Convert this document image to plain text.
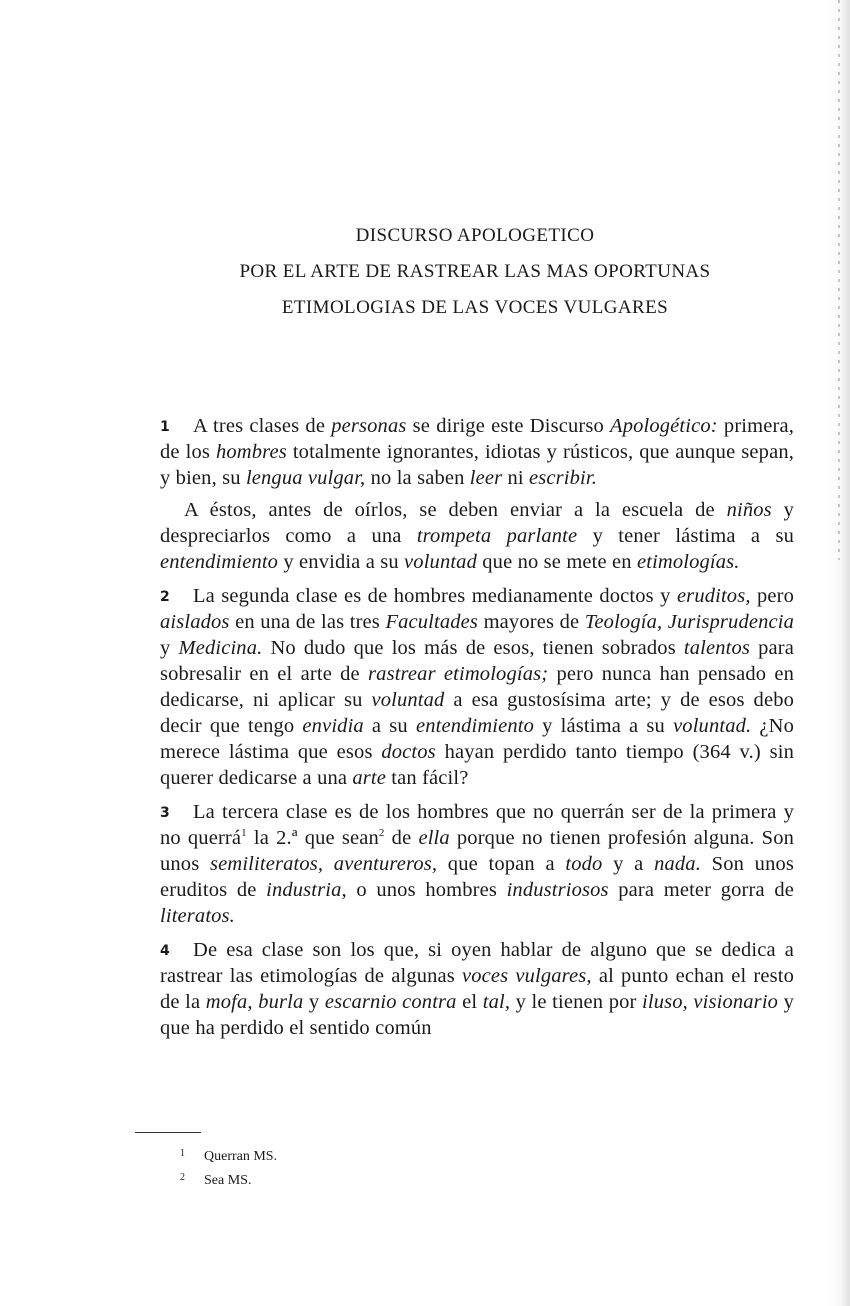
DISCURSO APOLOGETICO
POR EL ARTE DE RASTREAR LAS MAS OPORTUNAS
ETIMOLOGIAS DE LAS VOCES VULGARES

1 A tres clases de personas se dirige este Discurso Apologético: primera, de los hombres totalmente ignorantes, idiotas y rústicos, que aunque sepan, y bien, su lengua vulgar, no la saben leer ni escribir.

A éstos, antes de oírlos, se deben enviar a la escuela de niños y despreciarlos como a una trompeta parlante y tener lástima a su entendimiento y envidia a su voluntad que no se mete en etimologías.

2 La segunda clase es de hombres medianamente doctos y eruditos, pero aislados en una de las tres Facultades mayores de Teología, Jurisprudencia y Medicina. No dudo que los más de esos, tienen sobrados talentos para sobresalir en el arte de rastrear etimologías; pero nunca han pensado en dedicarse, ni aplicar su voluntad a esa gustosísima arte; y de esos debo decir que tengo envidia a su entendimiento y lástima a su voluntad. ¿No merece lástima que esos doctos hayan perdido tanto tiempo (364 v.) sin querer dedicarse a una arte tan fácil?

3 La tercera clase es de los hombres que no querrán ser de la primera y no querrá$^1$ la 2.ª que sean$^2$ de ella porque no tienen profesión alguna. Son unos semiliteratos, aventureros, que topan a todo y a nada. Son unos eruditos de industria, o unos hombres industriosos para meter gorra de literatos.

4 De esa clase son los que, si oyen hablar de alguno que se dedica a rastrear las etimologías de algunas voces vulgares, al punto echan el resto de la mofa, burla y escarnio contra el tal, y le tienen por iluso, visionario y que ha perdido el sentido común

1 Querran MS.
2 Sea MS.
